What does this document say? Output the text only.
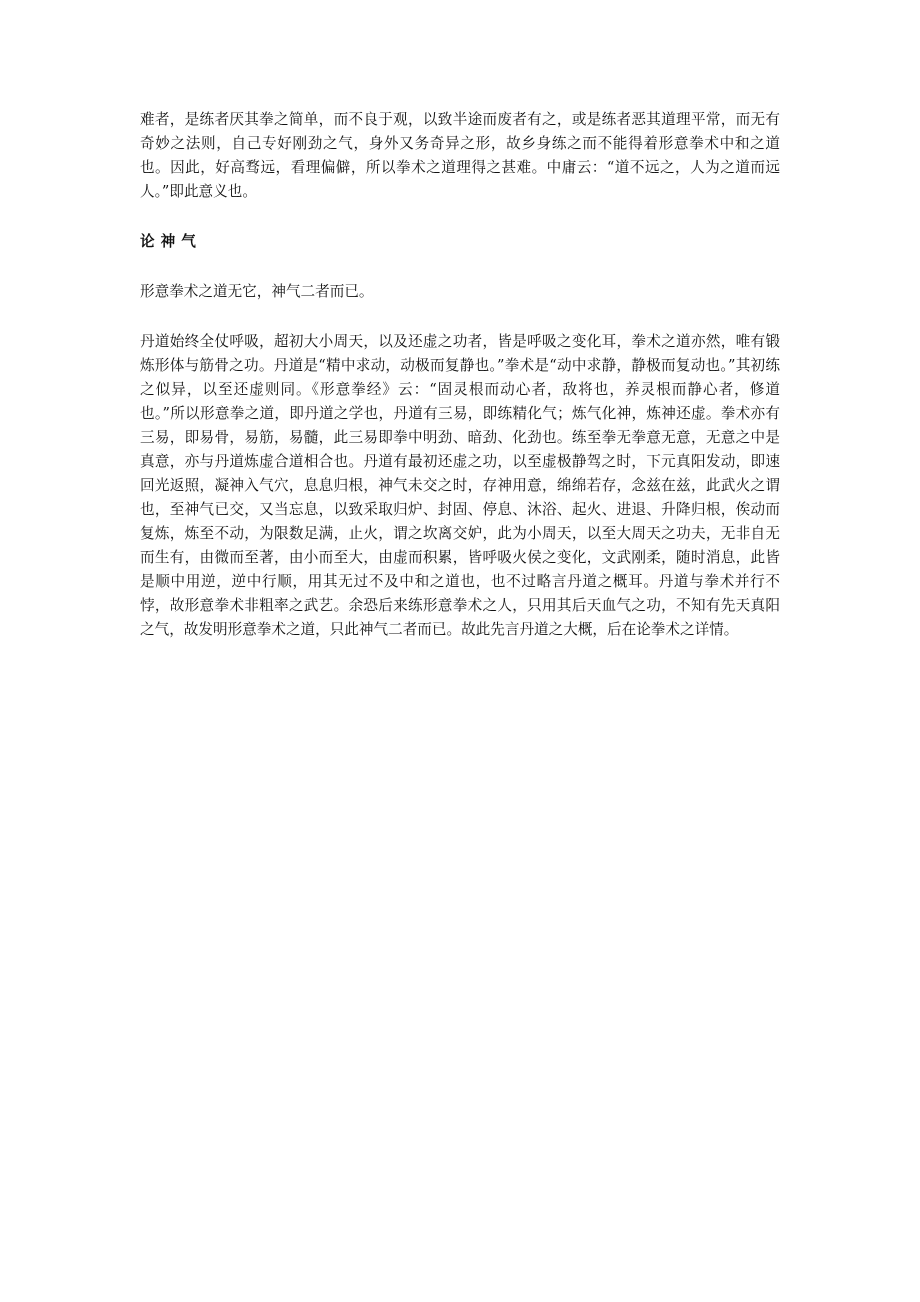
难者，是练者厌其拳之简单，而不良于观，以致半途而废者有之，或是练者恶其道理平常，而无有奇妙之法则，自己专好刚劲之气，身外又务奇异之形，故乡身练之而不能得着形意拳术中和之道也。因此，好高骛远，看理偏僻，所以拳术之道理得之甚难。中庸云：“道不远之，人为之道而远人。”即此意义也。

论神气

形意拳术之道无它，神气二者而已。

丹道始终全仗呼吸，超初大小周天，以及还虚之功者，皆是呼吸之变化耳，拳术之道亦然，唯有锻炼形体与筋骨之功。丹道是“精中求动，动极而复静也。”拳术是“动中求静，静极而复动也。”其初练之似异，以至还虚则同。《形意拳经》云：“固灵根而动心者，敌将也，养灵根而静心者，修道也。”所以形意拳之道，即丹道之学也，丹道有三易，即练精化气；炼气化神，炼神还虚。拳术亦有三易，即易骨，易筋，易髓，此三易即拳中明劲、暗劲、化劲也。练至拳无拳意无意，无意之中是真意，亦与丹道炼虚合道相合也。丹道有最初还虚之功，以至虚极静驾之时，下元真阳发动，即速回光返照，凝神入气穴，息息归根，神气未交之时，存神用意，绵绵若存，念兹在兹，此武火之谓也，至神气已交，又当忘息，以致采取归炉、封固、停息、沐浴、起火、进退、升降归根，俟动而复炼，炼至不动，为限数足满，止火，谓之坎离交妒，此为小周天，以至大周天之功夫，无非自无而生有，由微而至著，由小而至大，由虚而积累，皆呼吸火侯之变化，文武刚柔，随时消息，此皆是顺中用逆，逆中行顺，用其无过不及中和之道也，也不过略言丹道之概耳。丹道与拳术并行不悖，故形意拳术非粗率之武艺。余恐后来练形意拳术之人，只用其后天血气之功，不知有先天真阳之气，故发明形意拳术之道，只此神气二者而已。故此先言丹道之大概，后在论拳术之详情。
